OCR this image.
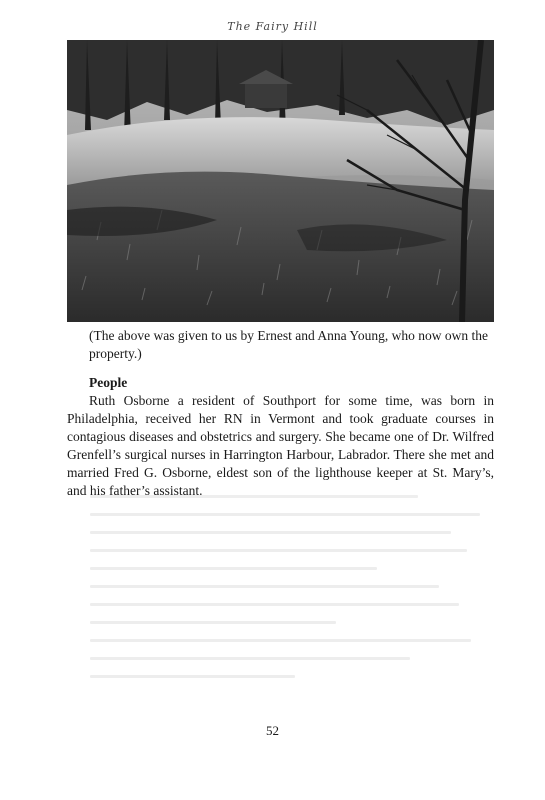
The Fairy Hill
(The above was given to us by Ernest and Anna Young, who now own the property.)
People
Ruth Osborne a resident of Southport for some time, was born in Philadelphia, received her RN in Vermont and took graduate courses in contagious diseases and obstetrics and surgery. She became one of Dr. Wilfred Grenfell’s surgical nurses in Harrington Harbour, Labrador. There she met and married Fred G. Osborne, eldest son of the lighthouse keeper at St. Mary’s, and his father’s assistant.
52
